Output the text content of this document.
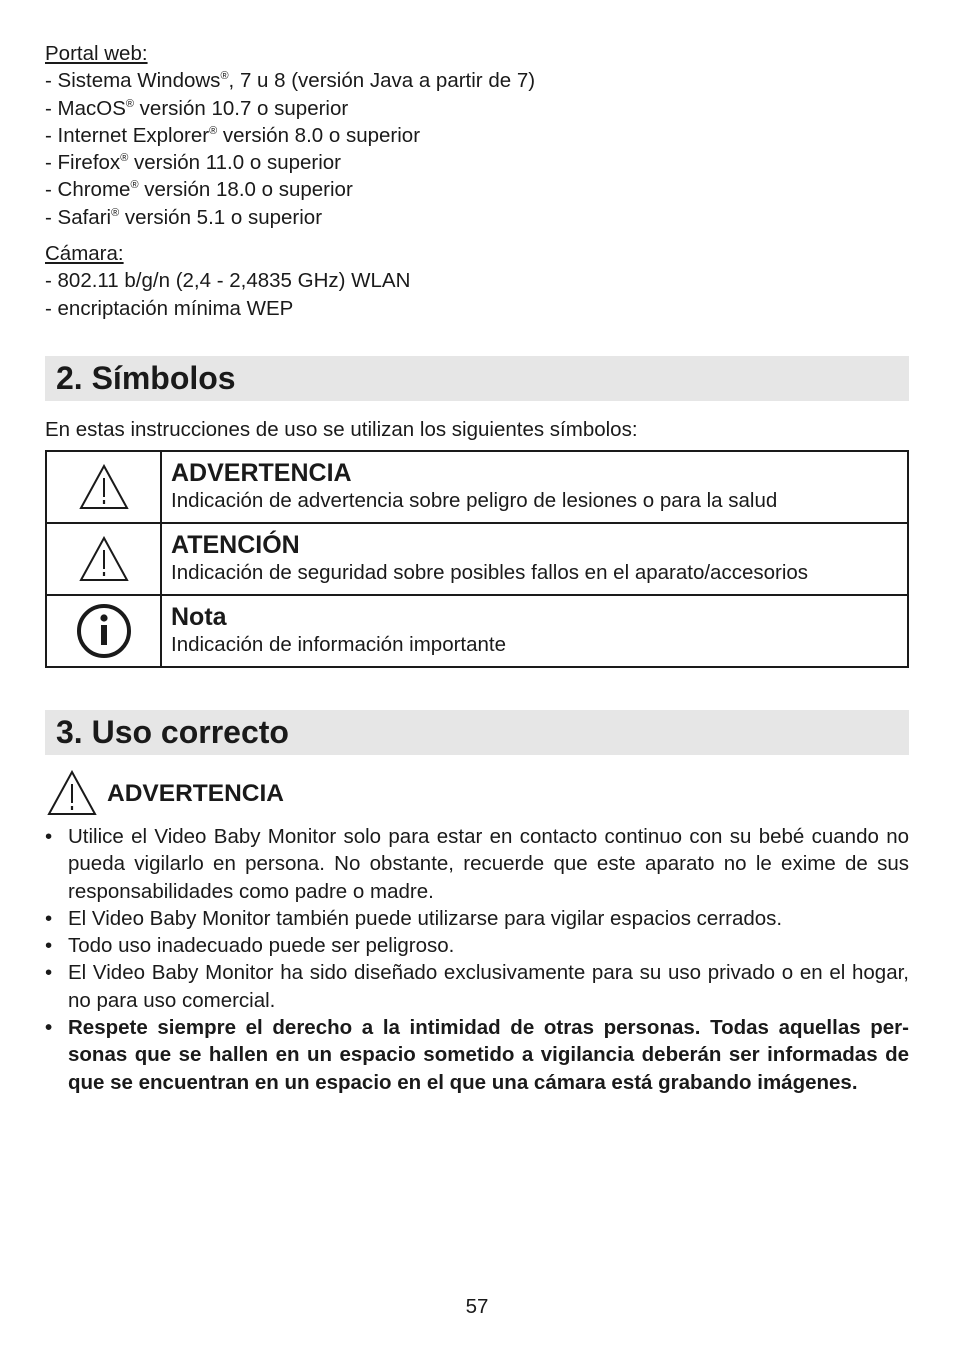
Portal web:
- Sistema Windows®, 7 u 8 (versión Java a partir de 7)
- MacOS® versión 10.7 o superior
- Internet Explorer® versión 8.0 o superior
- Firefox® versión 11.0 o superior
- Chrome® versión 18.0 o superior
- Safari® versión 5.1 o superior
Cámara:
- 802.11 b/g/n (2,4 - 2,4835 GHz) WLAN
- encriptación mínima WEP
2. Símbolos
En estas instrucciones de uso se utilizan los siguientes símbolos:

ADVERTENCIA
Indicación de advertencia sobre peligro de lesiones o para la salud

ATENCIÓN
Indicación de seguridad sobre posibles fallos en el aparato/accesorios

Nota
Indicación de información importante
3. Uso correcto
ADVERTENCIA
• Utilice el Video Baby Monitor solo para estar en contacto continuo con su bebé cuando no pueda vigilarlo en persona. No obstante, recuerde que este aparato no le exime de sus responsabilidades como padre o madre.
• El Video Baby Monitor también puede utilizarse para vigilar espacios cerrados.
• Todo uso inadecuado puede ser peligroso.
• El Video Baby Monitor ha sido diseñado exclusivamente para su uso privado o en el hogar, no para uso comercial.
• Respete siempre el derecho a la intimidad de otras personas. Todas aquellas per-sonas que se hallen en un espacio sometido a vigilancia deberán ser informadas de que se encuentran en un espacio en el que una cámara está grabando imágenes.
57
